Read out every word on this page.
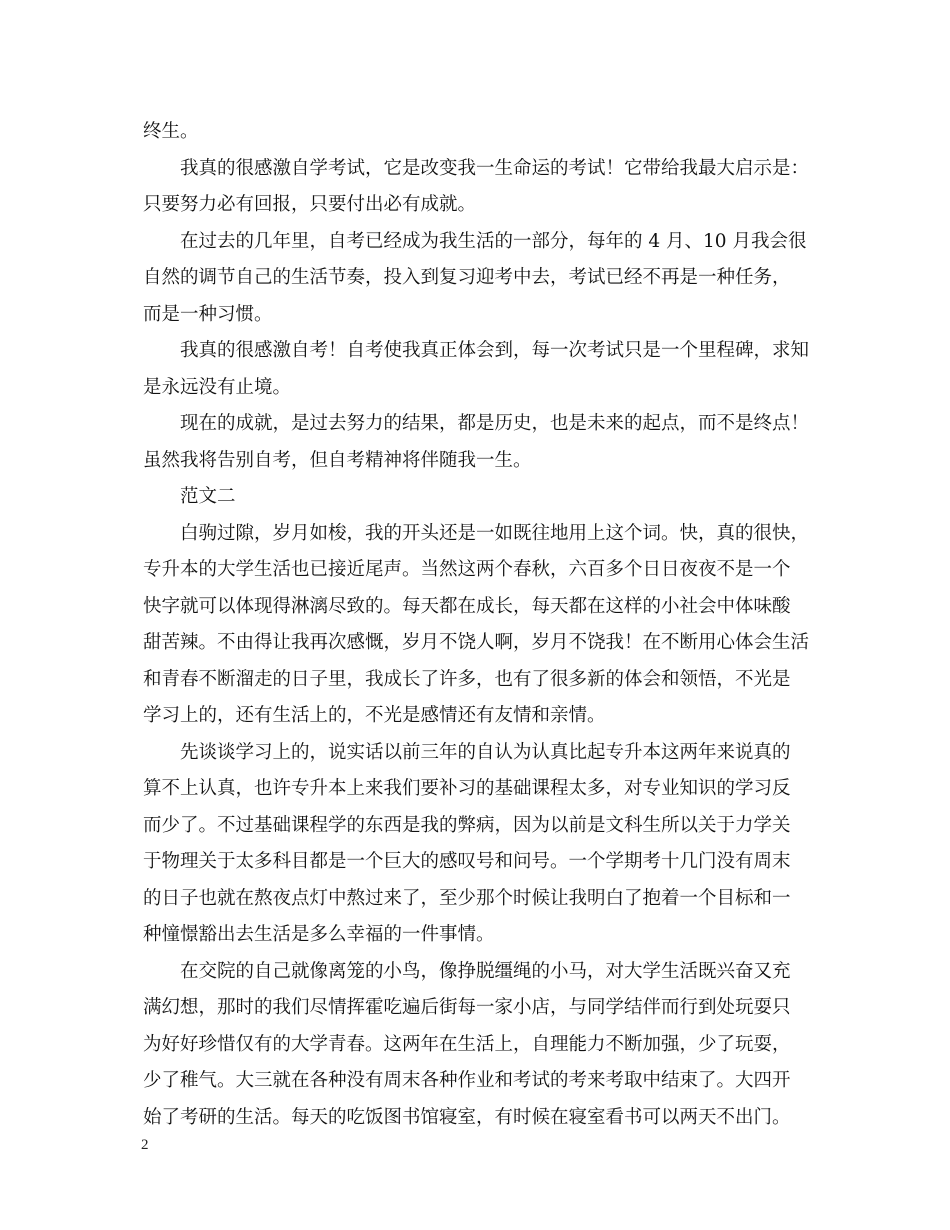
终生。
我真的很感激自学考试，它是改变我一生命运的考试！它带给我最大启示是：
只要努力必有回报，只要付出必有成就。
在过去的几年里，自考已经成为我生活的一部分，每年的 4 月、10 月我会很
自然的调节自己的生活节奏，投入到复习迎考中去，考试已经不再是一种任务，
而是一种习惯。
我真的很感激自考！自考使我真正体会到，每一次考试只是一个里程碑，求知
是永远没有止境。
现在的成就，是过去努力的结果，都是历史，也是未来的起点，而不是终点！
虽然我将告别自考，但自考精神将伴随我一生。
范文二
白驹过隙，岁月如梭，我的开头还是一如既往地用上这个词。快，真的很快，
专升本的大学生活也已接近尾声。当然这两个春秋，六百多个日日夜夜不是一个
快字就可以体现得淋漓尽致的。每天都在成长，每天都在这样的小社会中体味酸
甜苦辣。不由得让我再次感慨，岁月不饶人啊，岁月不饶我！在不断用心体会生活
和青春不断溜走的日子里，我成长了许多，也有了很多新的体会和领悟，不光是
学习上的，还有生活上的，不光是感情还有友情和亲情。
先谈谈学习上的，说实话以前三年的自认为认真比起专升本这两年来说真的
算不上认真，也许专升本上来我们要补习的基础课程太多，对专业知识的学习反
而少了。不过基础课程学的东西是我的弊病，因为以前是文科生所以关于力学关
于物理关于太多科目都是一个巨大的感叹号和问号。一个学期考十几门没有周末
的日子也就在熬夜点灯中熬过来了，至少那个时候让我明白了抱着一个目标和一
种憧憬豁出去生活是多么幸福的一件事情。
在交院的自己就像离笼的小鸟，像挣脱缰绳的小马，对大学生活既兴奋又充
满幻想，那时的我们尽情挥霍吃遍后街每一家小店，与同学结伴而行到处玩耍只
为好好珍惜仅有的大学青春。这两年在生活上，自理能力不断加强，少了玩耍，
少了稚气。大三就在各种没有周末各种作业和考试的考来考取中结束了。大四开
始了考研的生活。每天的吃饭图书馆寝室，有时候在寝室看书可以两天不出门。
2
